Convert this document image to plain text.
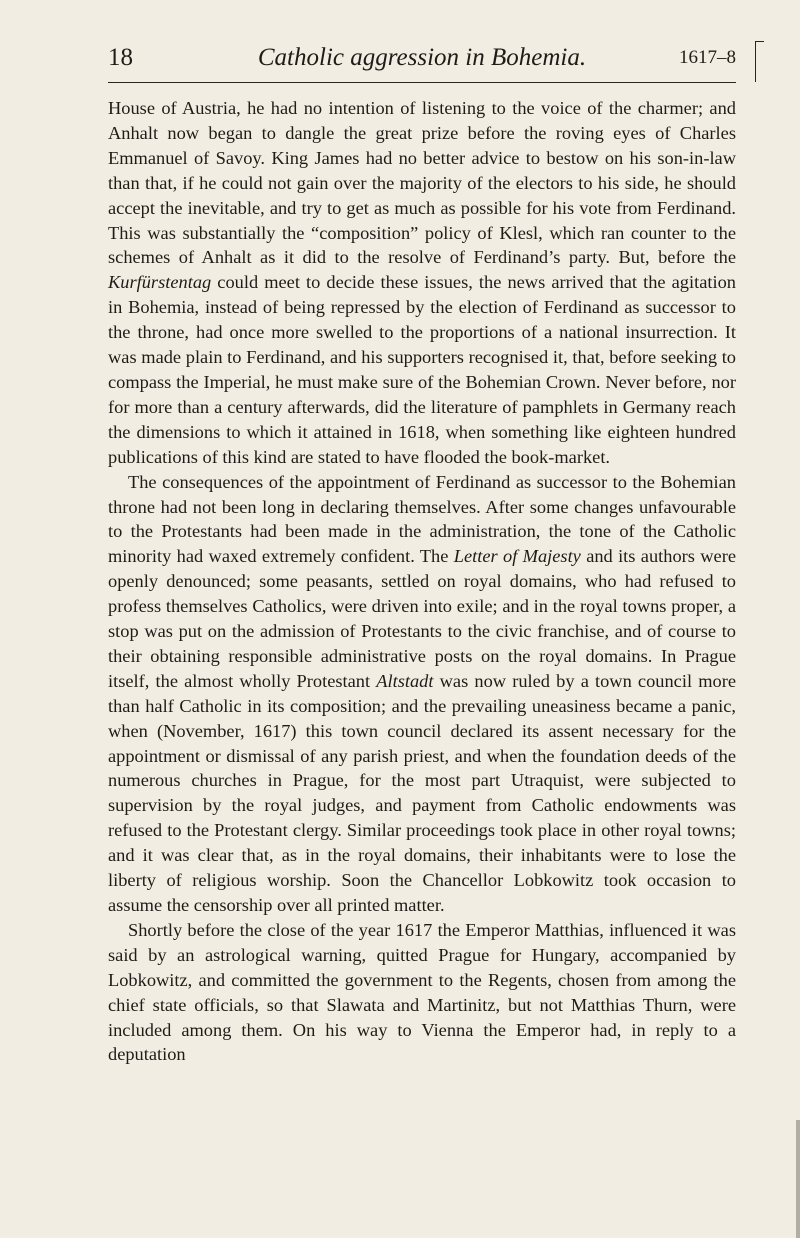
18	Catholic aggression in Bohemia.	1617–8

House of Austria, he had no intention of listening to the voice of the charmer; and Anhalt now began to dangle the great prize before the roving eyes of Charles Emmanuel of Savoy. King James had no better advice to bestow on his son-in-law than that, if he could not gain over the majority of the electors to his side, he should accept the inevitable, and try to get as much as possible for his vote from Ferdinand. This was substantially the “composition” policy of Klesl, which ran counter to the schemes of Anhalt as it did to the resolve of Ferdinand’s party. But, before the Kurfürstentag could meet to decide these issues, the news arrived that the agitation in Bohemia, instead of being repressed by the election of Ferdinand as successor to the throne, had once more swelled to the proportions of a national insurrection. It was made plain to Ferdinand, and his supporters recognised it, that, before seeking to compass the Imperial, he must make sure of the Bohemian Crown. Never before, nor for more than a century afterwards, did the literature of pamphlets in Germany reach the dimensions to which it attained in 1618, when something like eighteen hundred publications of this kind are stated to have flooded the book-market.

The consequences of the appointment of Ferdinand as successor to the Bohemian throne had not been long in declaring themselves. After some changes unfavourable to the Protestants had been made in the administration, the tone of the Catholic minority had waxed extremely confident. The Letter of Majesty and its authors were openly denounced; some peasants, settled on royal domains, who had refused to profess themselves Catholics, were driven into exile; and in the royal towns proper, a stop was put on the admission of Protestants to the civic franchise, and of course to their obtaining responsible administrative posts on the royal domains. In Prague itself, the almost wholly Protestant Altstadt was now ruled by a town council more than half Catholic in its composition; and the prevailing uneasiness became a panic, when (November, 1617) this town council declared its assent necessary for the appointment or dismissal of any parish priest, and when the foundation deeds of the numerous churches in Prague, for the most part Utraquist, were subjected to supervision by the royal judges, and payment from Catholic endowments was refused to the Protestant clergy. Similar proceedings took place in other royal towns; and it was clear that, as in the royal domains, their inhabitants were to lose the liberty of religious worship. Soon the Chancellor Lobkowitz took occasion to assume the censorship over all printed matter.

Shortly before the close of the year 1617 the Emperor Matthias, influenced it was said by an astrological warning, quitted Prague for Hungary, accompanied by Lobkowitz, and committed the government to the Regents, chosen from among the chief state officials, so that Slawata and Martinitz, but not Matthias Thurn, were included among them. On his way to Vienna the Emperor had, in reply to a deputation
